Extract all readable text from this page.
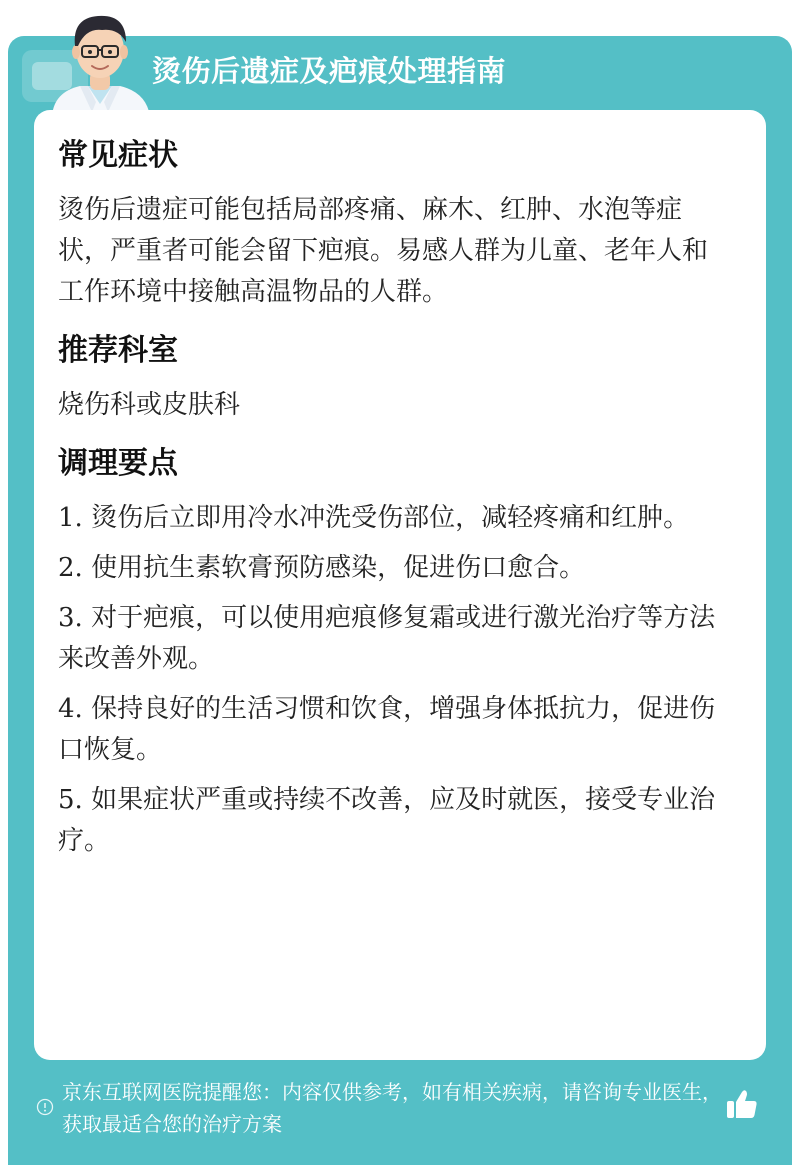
烫伤后遗症及疤痕处理指南
常见症状
烫伤后遗症可能包括局部疼痛、麻木、红肿、水泡等症状，严重者可能会留下疤痕。易感人群为儿童、老年人和工作环境中接触高温物品的人群。
推荐科室
烧伤科或皮肤科
调理要点
1. 烫伤后立即用冷水冲洗受伤部位，减轻疼痛和红肿。
2. 使用抗生素软膏预防感染，促进伤口愈合。
3. 对于疤痕，可以使用疤痕修复霜或进行激光治疗等方法来改善外观。
4. 保持良好的生活习惯和饮食，增强身体抵抗力，促进伤口恢复。
5. 如果症状严重或持续不改善，应及时就医，接受专业治疗。
京东互联网医院提醒您：内容仅供参考，如有相关疾病，请咨询专业医生，获取最适合您的治疗方案
